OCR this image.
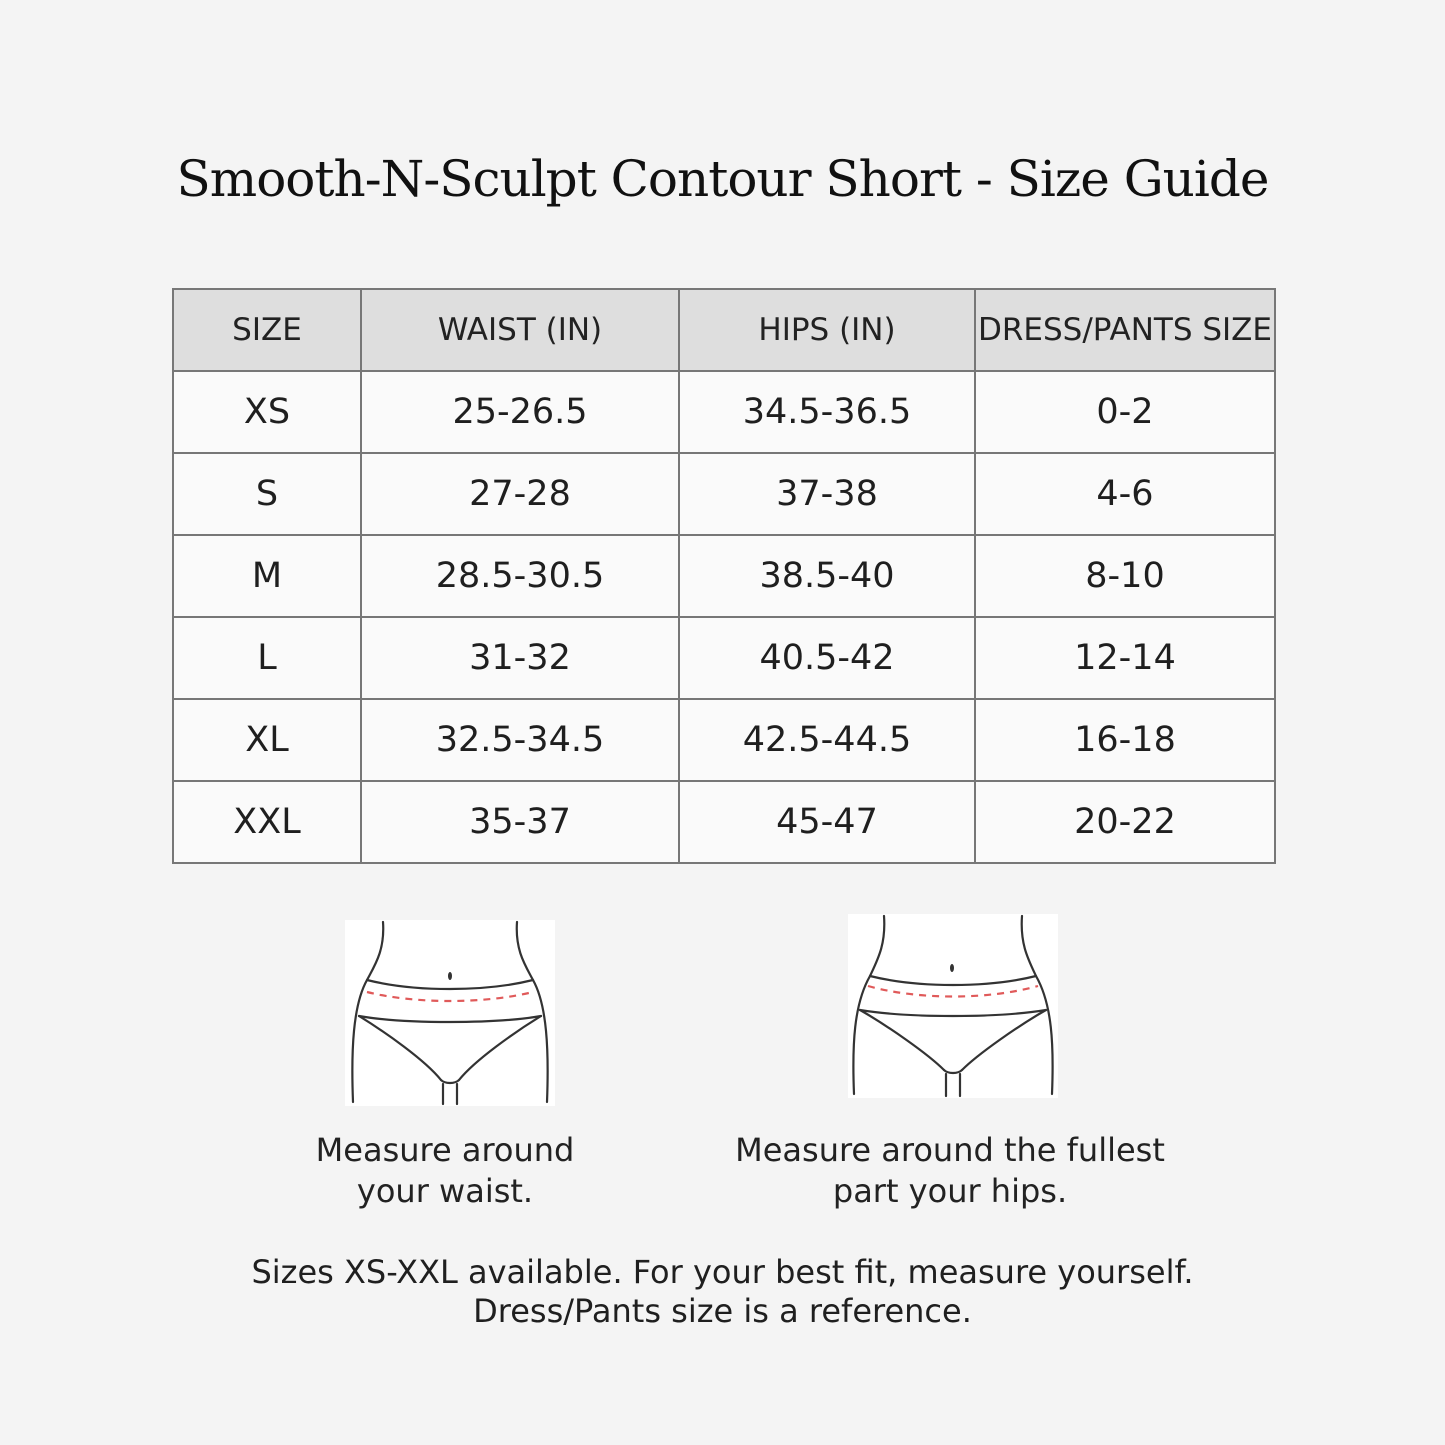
Smooth-N-Sculpt Contour Short - Size Guide
SIZE	WAIST (IN)	HIPS (IN)	DRESS/PANTS SIZE
XS	25-26.5	34.5-36.5	0-2
S	27-28	37-38	4-6
M	28.5-30.5	38.5-40	8-10
L	31-32	40.5-42	12-14
XL	32.5-34.5	42.5-44.5	16-18
XXL	35-37	45-47	20-22
Measure around
your waist.
Measure around the fullest
part your hips.
Sizes XS-XXL available. For your best fit, measure yourself.
Dress/Pants size is a reference.
